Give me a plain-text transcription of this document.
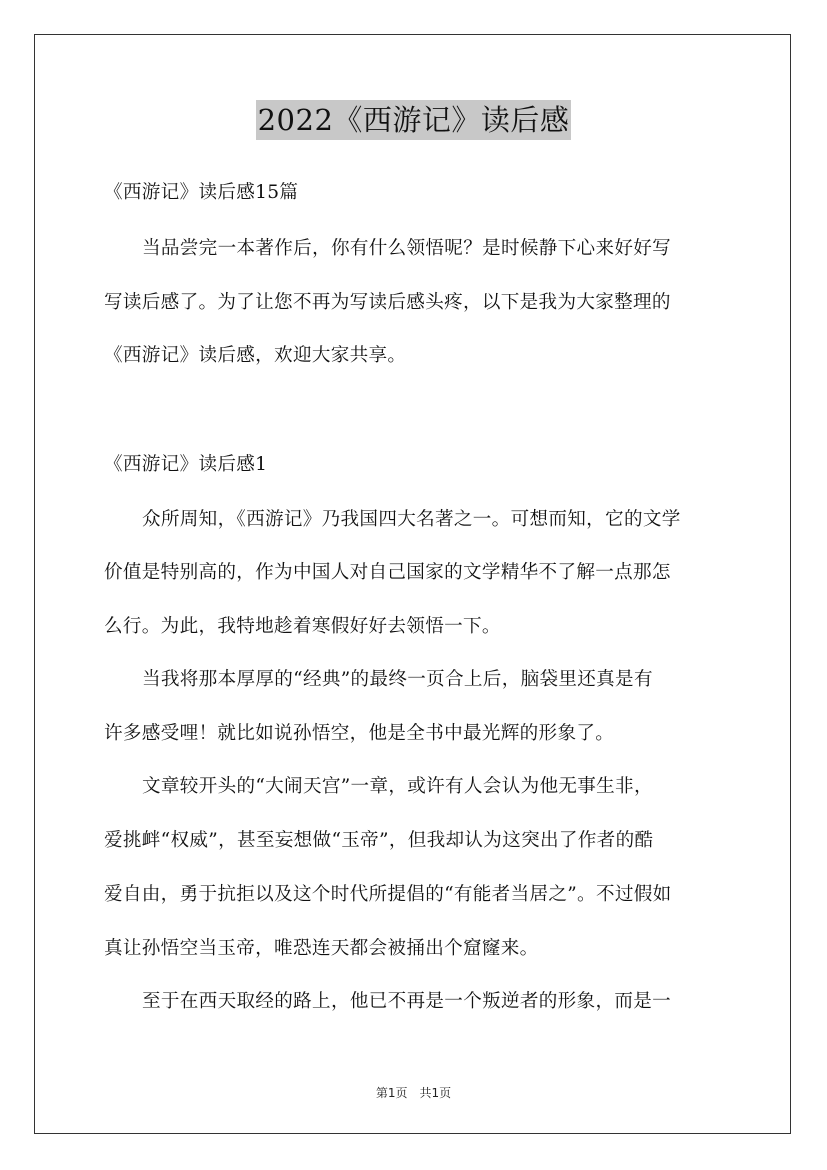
2022《西游记》读后感
《西游记》读后感15篇
当品尝完一本著作后，你有什么领悟呢？是时候静下心来好好写
写读后感了。为了让您不再为写读后感头疼，以下是我为大家整理的
《西游记》读后感，欢迎大家共享。
《西游记》读后感1
众所周知，《西游记》乃我国四大名著之一。可想而知，它的文学
价值是特别高的，作为中国人对自己国家的文学精华不了解一点那怎
么行。为此，我特地趁着寒假好好去领悟一下。
当我将那本厚厚的“经典”的最终一页合上后，脑袋里还真是有
许多感受哩！就比如说孙悟空，他是全书中最光辉的形象了。
文章较开头的“大闹天宫”一章，或许有人会认为他无事生非，
爱挑衅“权威”，甚至妄想做“玉帝”，但我却认为这突出了作者的酷
爱自由，勇于抗拒以及这个时代所提倡的“有能者当居之”。不过假如
真让孙悟空当玉帝，唯恐连天都会被捅出个窟窿来。
至于在西天取经的路上，他已不再是一个叛逆者的形象，而是一
第1页　共1页
